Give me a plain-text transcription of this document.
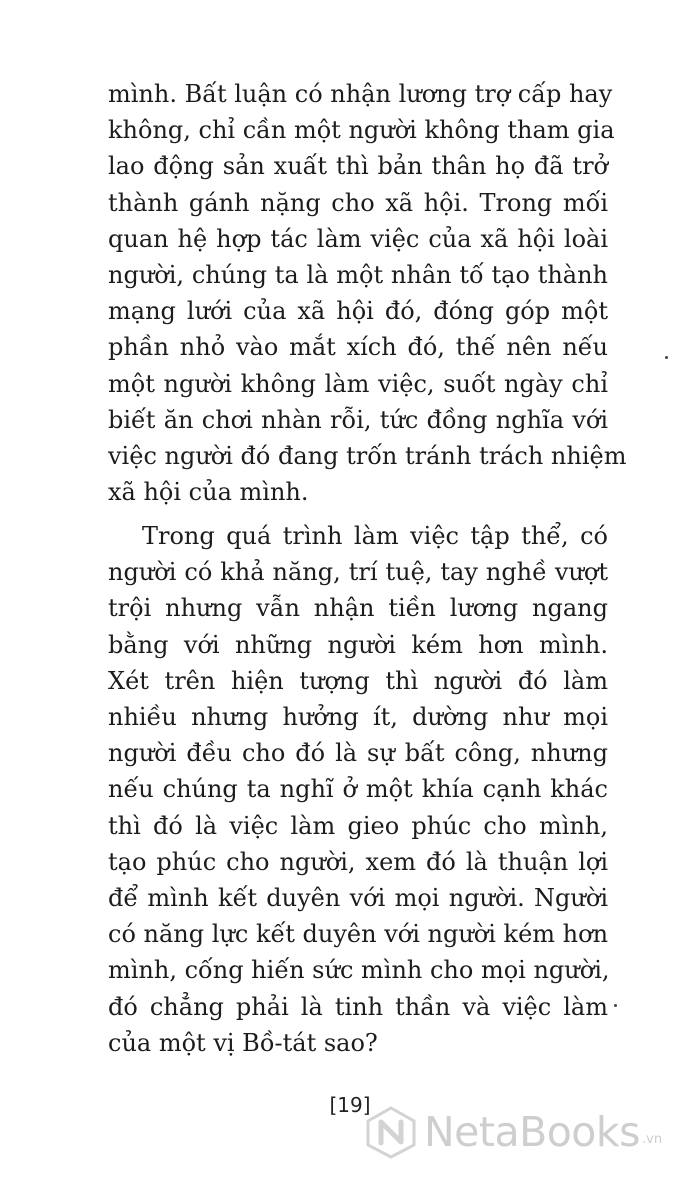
mình. Bất luận có nhận lương trợ cấp hay
không, chỉ cần một người không tham gia
lao động sản xuất thì bản thân họ đã trở
thành gánh nặng cho xã hội. Trong mối
quan hệ hợp tác làm việc của xã hội loài
người, chúng ta là một nhân tố tạo thành
mạng lưới của xã hội đó, đóng góp một
phần nhỏ vào mắt xích đó, thế nên nếu
một người không làm việc, suốt ngày chỉ
biết ăn chơi nhàn rỗi, tức đồng nghĩa với
việc người đó đang trốn tránh trách nhiệm
xã hội của mình.
Trong quá trình làm việc tập thể, có
người có khả năng, trí tuệ, tay nghề vượt
trội nhưng vẫn nhận tiền lương ngang
bằng với những người kém hơn mình.
Xét trên hiện tượng thì người đó làm
nhiều nhưng hưởng ít, dường như mọi
người đều cho đó là sự bất công, nhưng
nếu chúng ta nghĩ ở một khía cạnh khác
thì đó là việc làm gieo phúc cho mình,
tạo phúc cho người, xem đó là thuận lợi
để mình kết duyên với mọi người. Người
có năng lực kết duyên với người kém hơn
mình, cống hiến sức mình cho mọi người,
đó chẳng phải là tinh thần và việc làm
của một vị Bồ-tát sao?
[19]
NetaBooks .vn
